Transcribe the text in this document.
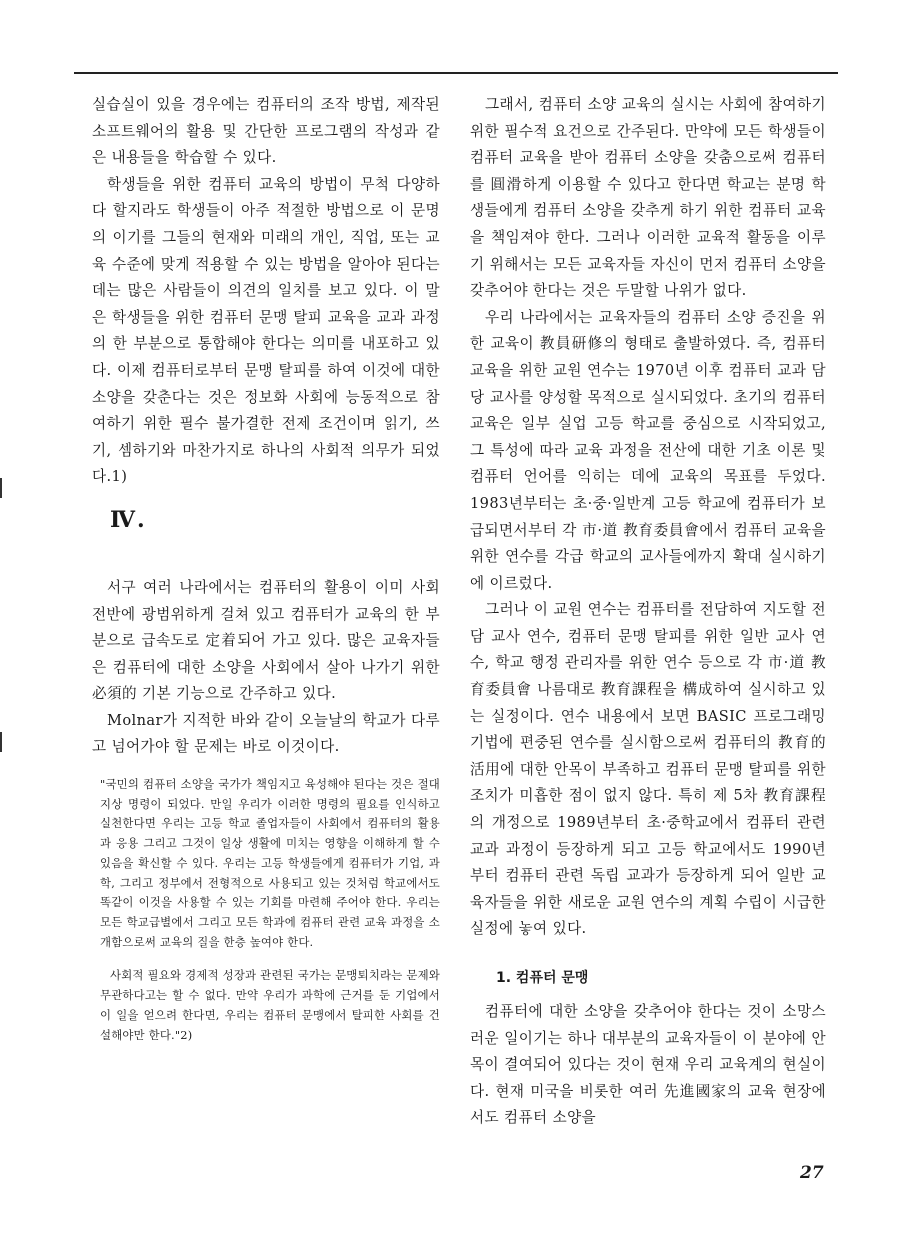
실습실이 있을 경우에는 컴퓨터의 조작 방법, 제작된 소프트웨어의 활용 및 간단한 프로그램의 작성과 같은 내용들을 학습할 수 있다.

학생들을 위한 컴퓨터 교육의 방법이 무척 다양하다 할지라도 학생들이 아주 적절한 방법으로 이 문명의 이기를 그들의 현재와 미래의 개인, 직업, 또는 교육 수준에 맞게 적용할 수 있는 방법을 알아야 된다는 데는 많은 사람들이 의견의 일치를 보고 있다. 이 말은 학생들을 위한 컴퓨터 문맹 탈피 교육을 교과 과정의 한 부분으로 통합해야 한다는 의미를 내포하고 있다. 이제 컴퓨터로부터 문맹 탈피를 하여 이것에 대한 소양을 갖춘다는 것은 정보화 사회에 능동적으로 참여하기 위한 필수 불가결한 전제 조건이며 읽기, 쓰기, 셈하기와 마찬가지로 하나의 사회적 의무가 되었다.1)

Ⅳ.

서구 여러 나라에서는 컴퓨터의 활용이 이미 사회 전반에 광범위하게 걸쳐 있고 컴퓨터가 교육의 한 부분으로 급속도로 定着되어 가고 있다. 많은 교육자들은 컴퓨터에 대한 소양을 사회에서 살아 나가기 위한 必須的 기본 기능으로 간주하고 있다.

Molnar가 지적한 바와 같이 오늘날의 학교가 다루고 넘어가야 할 문제는 바로 이것이다.

"국민의 컴퓨터 소양을 국가가 책임지고 육성해야 된다는 것은 절대 지상 명령이 되었다. 만일 우리가 이러한 명령의 필요를 인식하고 실천한다면 우리는 고등 학교 졸업자들이 사회에서 컴퓨터의 활용과 응용 그리고 그것이 일상 생활에 미치는 영향을 이해하게 할 수 있음을 확신할 수 있다. 우리는 고등 학생들에게 컴퓨터가 기업, 과학, 그리고 정부에서 전형적으로 사용되고 있는 것처럼 학교에서도 똑같이 이것을 사용할 수 있는 기회를 마련해 주어야 한다. 우리는 모든 학교급별에서 그리고 모든 학과에 컴퓨터 관련 교육 과정을 소개함으로써 교육의 질을 한층 높여야 한다.

사회적 필요와 경제적 성장과 관련된 국가는 문맹퇴치라는 문제와 무관하다고는 할 수 없다. 만약 우리가 과학에 근거를 둔 기업에서 이 일을 얻으려 한다면, 우리는 컴퓨터 문맹에서 탈피한 사회를 건설해야만 한다."2)

그래서, 컴퓨터 소양 교육의 실시는 사회에 참여하기 위한 필수적 요건으로 간주된다. 만약에 모든 학생들이 컴퓨터 교육을 받아 컴퓨터 소양을 갖춤으로써 컴퓨터를 圓滑하게 이용할 수 있다고 한다면 학교는 분명 학생들에게 컴퓨터 소양을 갖추게 하기 위한 컴퓨터 교육을 책임져야 한다. 그러나 이러한 교육적 활동을 이루기 위해서는 모든 교육자들 자신이 먼저 컴퓨터 소양을 갖추어야 한다는 것은 두말할 나위가 없다.

우리 나라에서는 교육자들의 컴퓨터 소양 증진을 위한 교육이 教員研修의 형태로 출발하였다. 즉, 컴퓨터 교육을 위한 교원 연수는 1970년 이후 컴퓨터 교과 담당 교사를 양성할 목적으로 실시되었다. 초기의 컴퓨터 교육은 일부 실업 고등 학교를 중심으로 시작되었고, 그 특성에 따라 교육 과정을 전산에 대한 기초 이론 및 컴퓨터 언어를 익히는 데에 교육의 목표를 두었다. 1983년부터는 초·중·일반계 고등 학교에 컴퓨터가 보급되면서부터 각 市·道 教育委員會에서 컴퓨터 교육을 위한 연수를 각급 학교의 교사들에까지 확대 실시하기에 이르렀다.

그러나 이 교원 연수는 컴퓨터를 전담하여 지도할 전담 교사 연수, 컴퓨터 문맹 탈피를 위한 일반 교사 연수, 학교 행정 관리자를 위한 연수 등으로 각 市·道 教育委員會 나름대로 教育課程을 構成하여 실시하고 있는 실정이다. 연수 내용에서 보면 BASIC 프로그래밍 기법에 편중된 연수를 실시함으로써 컴퓨터의 教育的 活用에 대한 안목이 부족하고 컴퓨터 문맹 탈피를 위한 조치가 미흡한 점이 없지 않다. 특히 제 5차 教育課程의 개정으로 1989년부터 초·중학교에서 컴퓨터 관련 교과 과정이 등장하게 되고 고등 학교에서도 1990년부터 컴퓨터 관련 독립 교과가 등장하게 되어 일반 교육자들을 위한 새로운 교원 연수의 계획 수립이 시급한 실정에 놓여 있다.

1. 컴퓨터 문맹

컴퓨터에 대한 소양을 갖추어야 한다는 것이 소망스러운 일이기는 하나 대부분의 교육자들이 이 분야에 안목이 결여되어 있다는 것이 현재 우리 교육계의 현실이다. 현재 미국을 비롯한 여러 先進國家의 교육 현장에서도 컴퓨터 소양을

27
